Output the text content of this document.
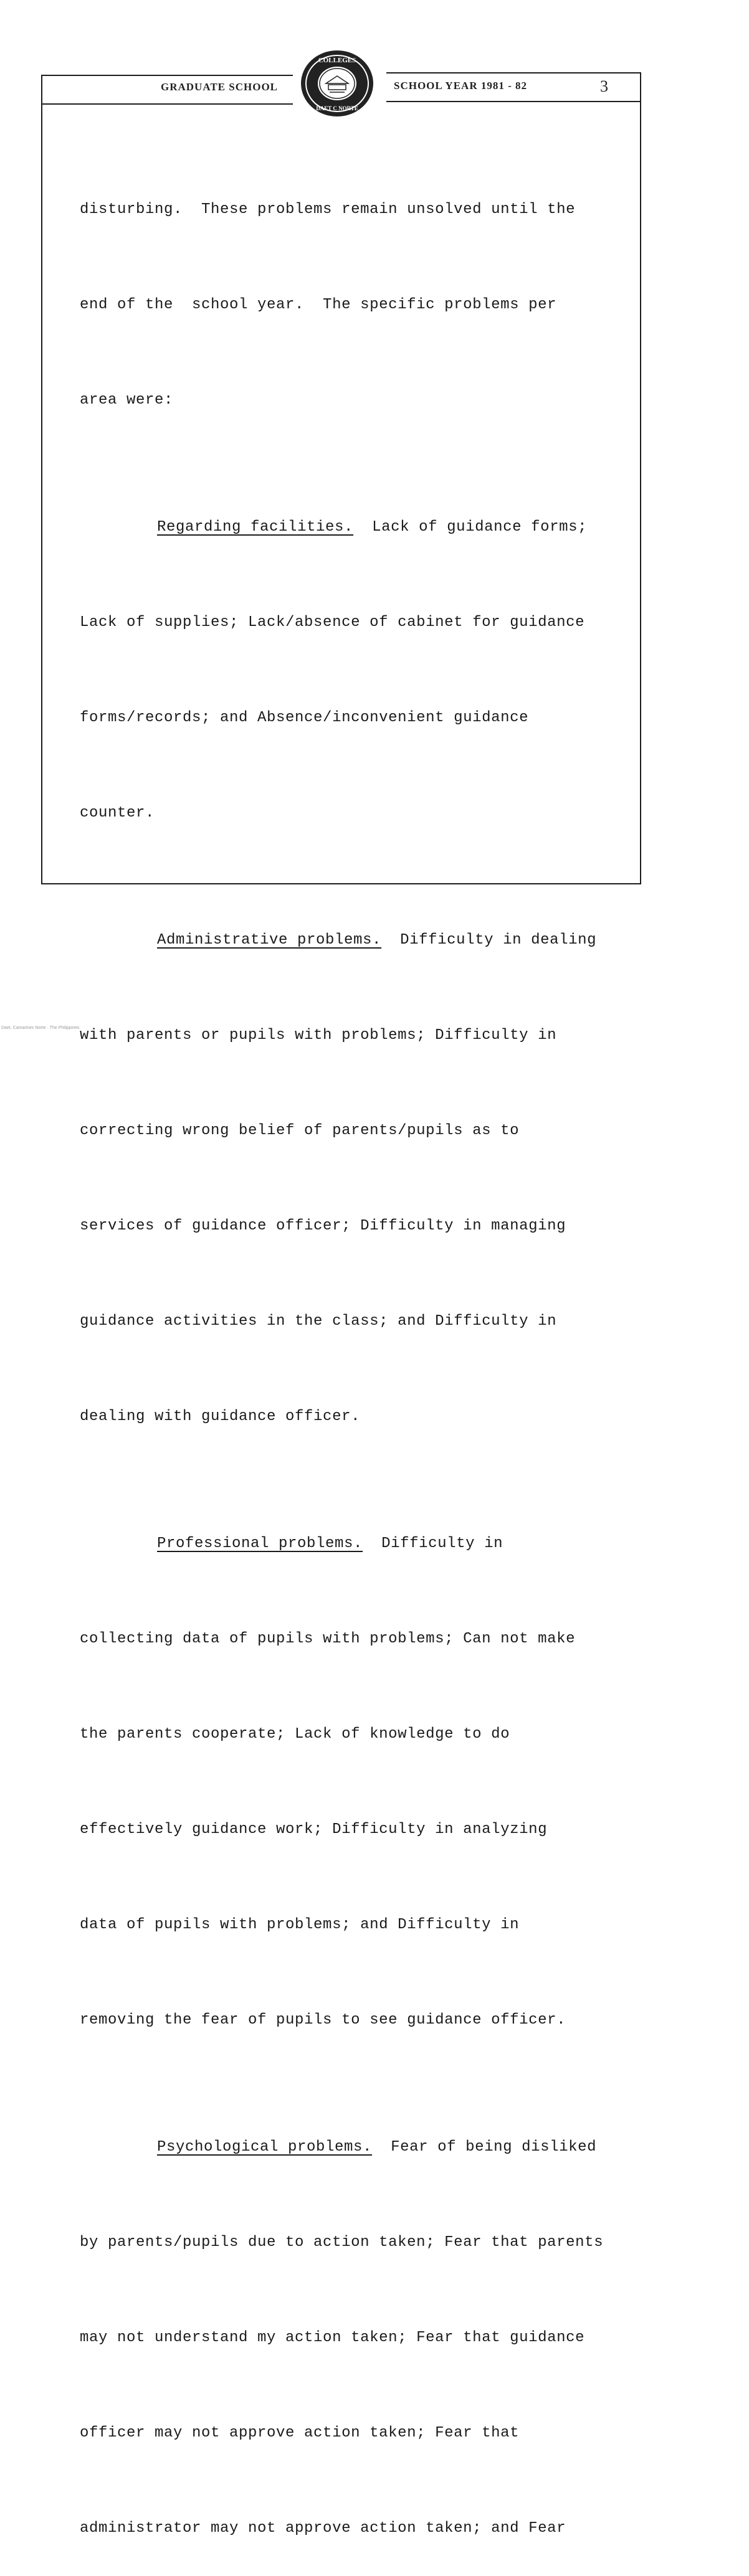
GRADUATE SCHOOL
COLLEGES
DAET C NORTE
SCHOOL YEAR 1981 - 82	3

disturbing.  These problems remain unsolved until the

end of the  school year.  The specific problems per

area were:

Regarding facilities.  Lack of guidance forms;

Lack of supplies; Lack/absence of cabinet for guidance

forms/records; and Absence/inconvenient guidance

counter.

Administrative problems.  Difficulty in dealing

with parents or pupils with problems; Difficulty in

correcting wrong belief of parents/pupils as to

services of guidance officer; Difficulty in managing

guidance activities in the class; and Difficulty in

dealing with guidance officer.

Professional problems.  Difficulty in

collecting data of pupils with problems; Can not make

the parents cooperate; Lack of knowledge to do

effectively guidance work; Difficulty in analyzing

data of pupils with problems; and Difficulty in

removing the fear of pupils to see guidance officer.

Psychological problems.  Fear of being disliked

by parents/pupils due to action taken; Fear that parents

may not understand my action taken; Fear that guidance

officer may not approve action taken; Fear that

administrator may not approve action taken; and Fear

Daet, Camarines Norte · The Philippines
